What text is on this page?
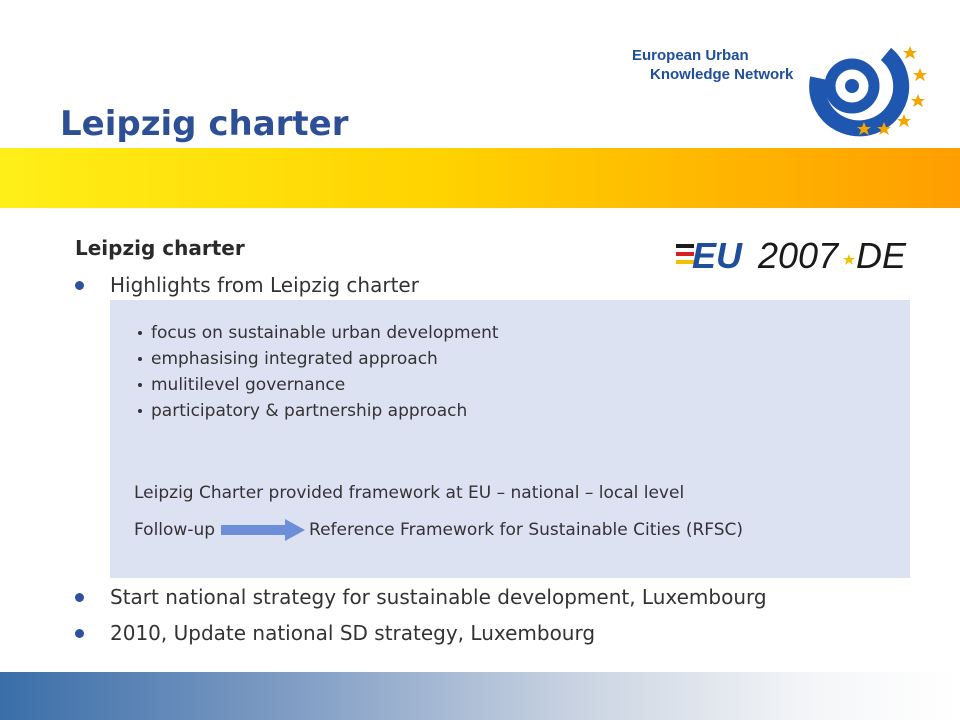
European Urban
Knowledge Network
Leipzig charter
Leipzig charter	EU 2007 DE
Highlights from Leipzig charter
focus on sustainable urban development
emphasising integrated approach
mulitilevel governance
participatory & partnership approach
Leipzig Charter provided framework at EU – national – local level
Follow-up	Reference Framework for Sustainable Cities (RFSC)
Start national strategy for sustainable development, Luxembourg
2010, Update national SD strategy, Luxembourg
